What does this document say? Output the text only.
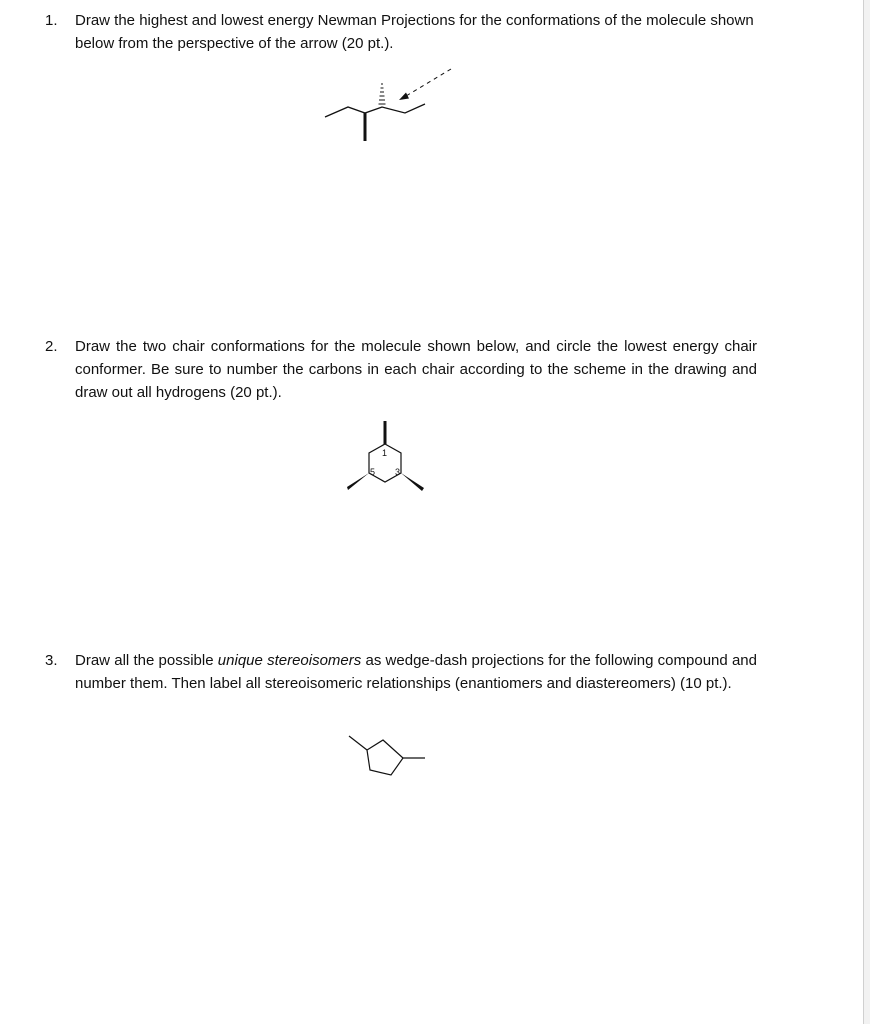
1.	Draw the highest and lowest energy Newman Projections for the conformations of the molecule shown below from the perspective of the arrow (20 pt.).
2.	Draw the two chair conformations for the molecule shown below, and circle the lowest energy chair conformer. Be sure to number the carbons in each chair according to the scheme in the drawing and draw out all hydrogens (20 pt.).
1
5 3
3.	Draw all the possible unique stereoisomers as wedge-dash projections for the following compound and number them. Then label all stereoisomeric relationships (enantiomers and diastereomers) (10 pt.).
